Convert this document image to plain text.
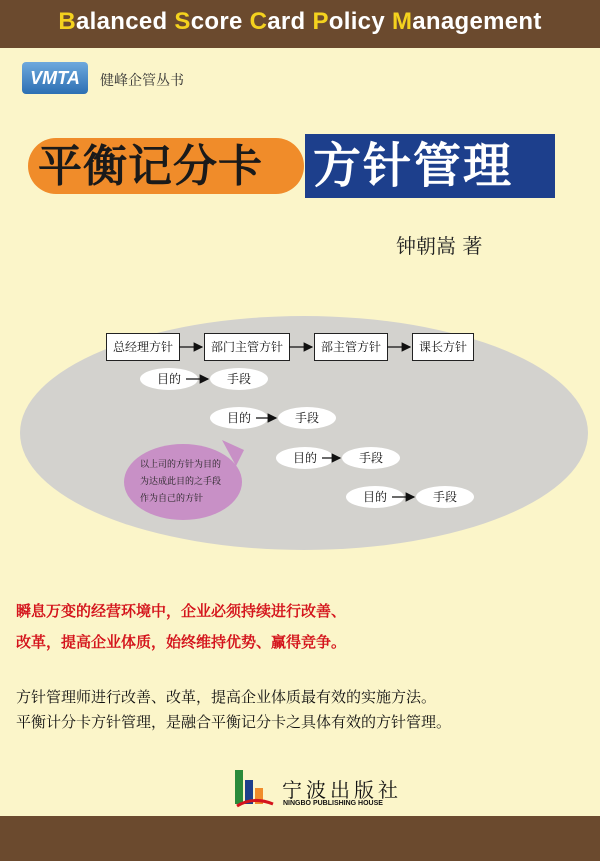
Balanced Score Card Policy Management
VMTA	健峰企管丛书
平衡记分卡 方针管理
钟朝嵩 著
总经理方针	部门主管方针	部主管方针	课长方针
目的	手段
目的	手段
目的	手段
目的	手段
以上司的方针为目的
为达成此目的之手段
作为自己的方针
瞬息万变的经营环境中，企业必须持续进行改善、
改革，提高企业体质，始终维持优势、赢得竞争。
方针管理师进行改善、改革，提高企业体质最有效的实施方法。
平衡计分卡方针管理，是融合平衡记分卡之具体有效的方针管理。
宁波出版社
NINGBO PUBLISHING HOUSE
